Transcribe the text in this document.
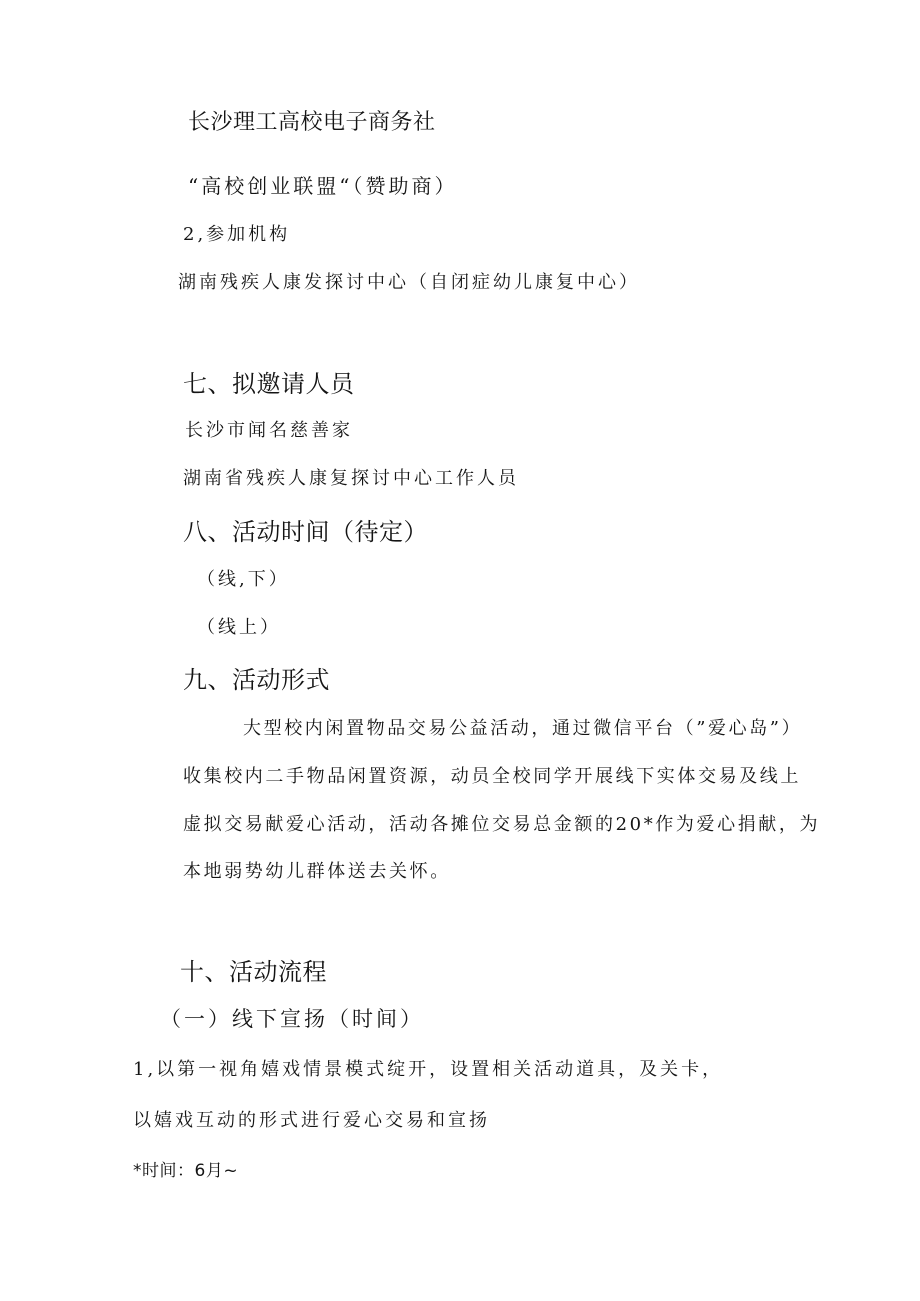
长沙理工高校电子商务社
“高校创业联盟“（赞助商）
2,参加机构
湖南残疾人康发探讨中心（自闭症幼儿康复中心）
七、拟邀请人员
长沙市闻名慈善家
湖南省残疾人康复探讨中心工作人员
八、活动时间（待定）
（线,下）
（线上）
九、活动形式
大型校内闲置物品交易公益活动，通过微信平台（”爱心岛”）
收集校内二手物品闲置资源，动员全校同学开展线下实体交易及线上
虚拟交易献爱心活动，活动各摊位交易总金额的20*作为爱心捐献，为
本地弱势幼儿群体送去关怀。
十、活动流程
（一）线下宣扬（时间）
1,以第一视角嬉戏情景模式绽开，设置相关活动道具，及关卡，
以嬉戏互动的形式进行爱心交易和宣扬
*时间：6月~
